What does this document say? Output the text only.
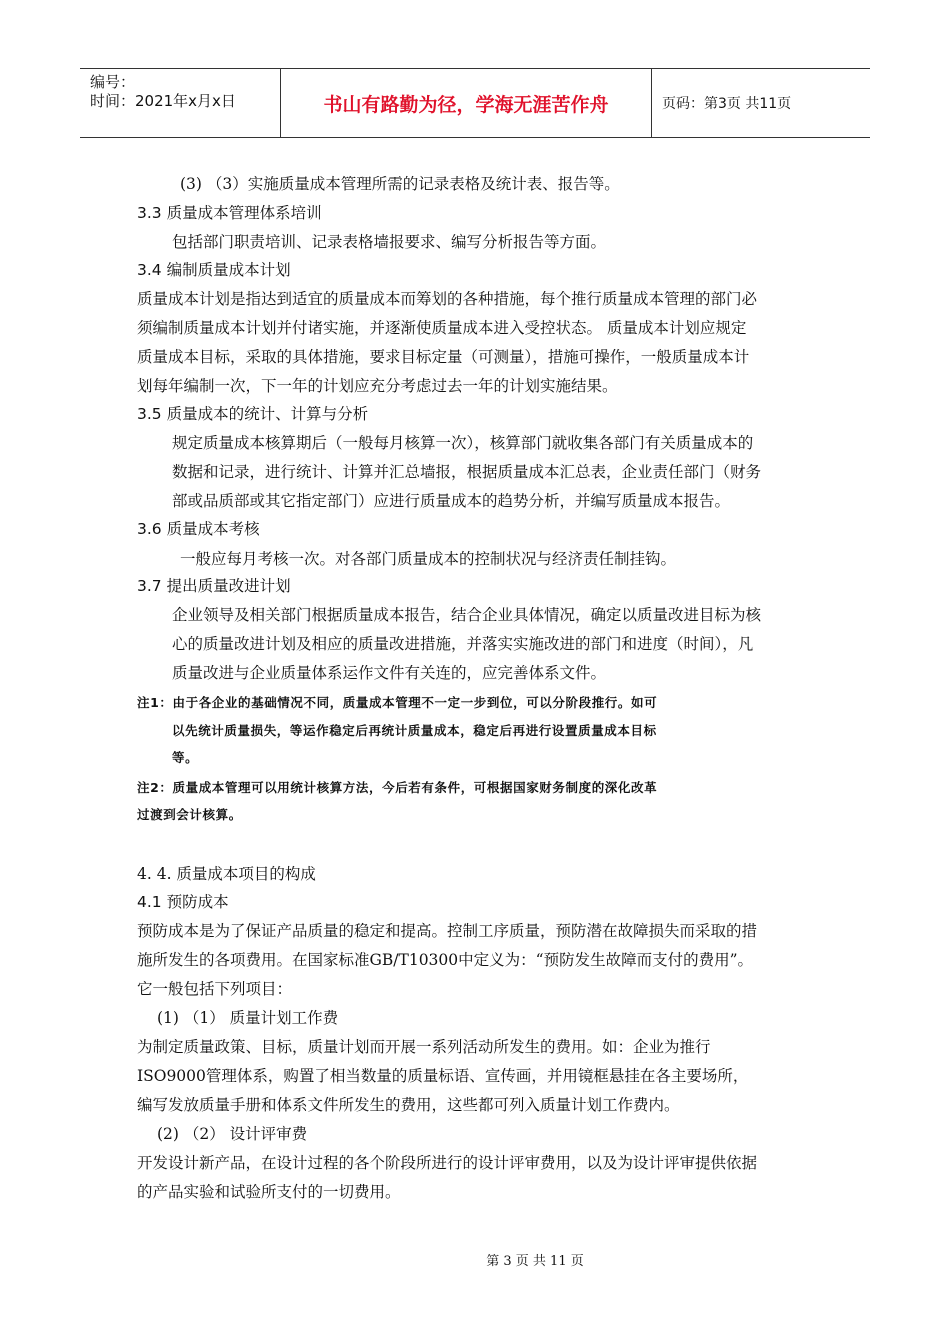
编号：
时间：2021年x月x日	书山有路勤为径，学海无涯苦作舟	页码：第3页 共11页
(3) （3）实施质量成本管理所需的记录表格及统计表、报告等。
3.3 质量成本管理体系培训
包括部门职责培训、记录表格墙报要求、编写分析报告等方面。
3.4 编制质量成本计划
质量成本计划是指达到适宜的质量成本而筹划的各种措施，每个推行质量成本管理的部门必
须编制质量成本计划并付诸实施，并逐渐使质量成本进入受控状态。 质量成本计划应规定
质量成本目标，采取的具体措施，要求目标定量（可测量），措施可操作，一般质量成本计
划每年编制一次，下一年的计划应充分考虑过去一年的计划实施结果。
3.5 质量成本的统计、计算与分析
规定质量成本核算期后（一般每月核算一次），核算部门就收集各部门有关质量成本的
数据和记录，进行统计、计算并汇总墙报，根据质量成本汇总表，企业责任部门（财务
部或品质部或其它指定部门）应进行质量成本的趋势分析，并编写质量成本报告。
3.6 质量成本考核
一般应每月考核一次。对各部门质量成本的控制状况与经济责任制挂钩。
3.7 提出质量改进计划
企业领导及相关部门根据质量成本报告，结合企业具体情况，确定以质量改进目标为核
心的质量改进计划及相应的质量改进措施，并落实实施改进的部门和进度（时间），凡
质量改进与企业质量体系运作文件有关连的，应完善体系文件。
注1：由于各企业的基础情况不同，质量成本管理不一定一步到位，可以分阶段推行。如可
以先统计质量损失，等运作稳定后再统计质量成本，稳定后再进行设置质量成本目标
等。
注2：质量成本管理可以用统计核算方法，今后若有条件，可根据国家财务制度的深化改革
过渡到会计核算。
4. 4. 质量成本项目的构成
4.1 预防成本
预防成本是为了保证产品质量的稳定和提高。控制工序质量，预防潜在故障损失而采取的措
施所发生的各项费用。在国家标准GB/T10300中定义为：“预防发生故障而支付的费用”。
它一般包括下列项目：
(1) （1） 质量计划工作费
为制定质量政策、目标，质量计划而开展一系列活动所发生的费用。如：企业为推行
ISO9000管理体系，购置了相当数量的质量标语、宣传画，并用镜框悬挂在各主要场所，
编写发放质量手册和体系文件所发生的费用，这些都可列入质量计划工作费内。
(2) （2） 设计评审费
开发设计新产品，在设计过程的各个阶段所进行的设计评审费用，以及为设计评审提供依据
的产品实验和试验所支付的一切费用。
第 3 页 共 11 页
